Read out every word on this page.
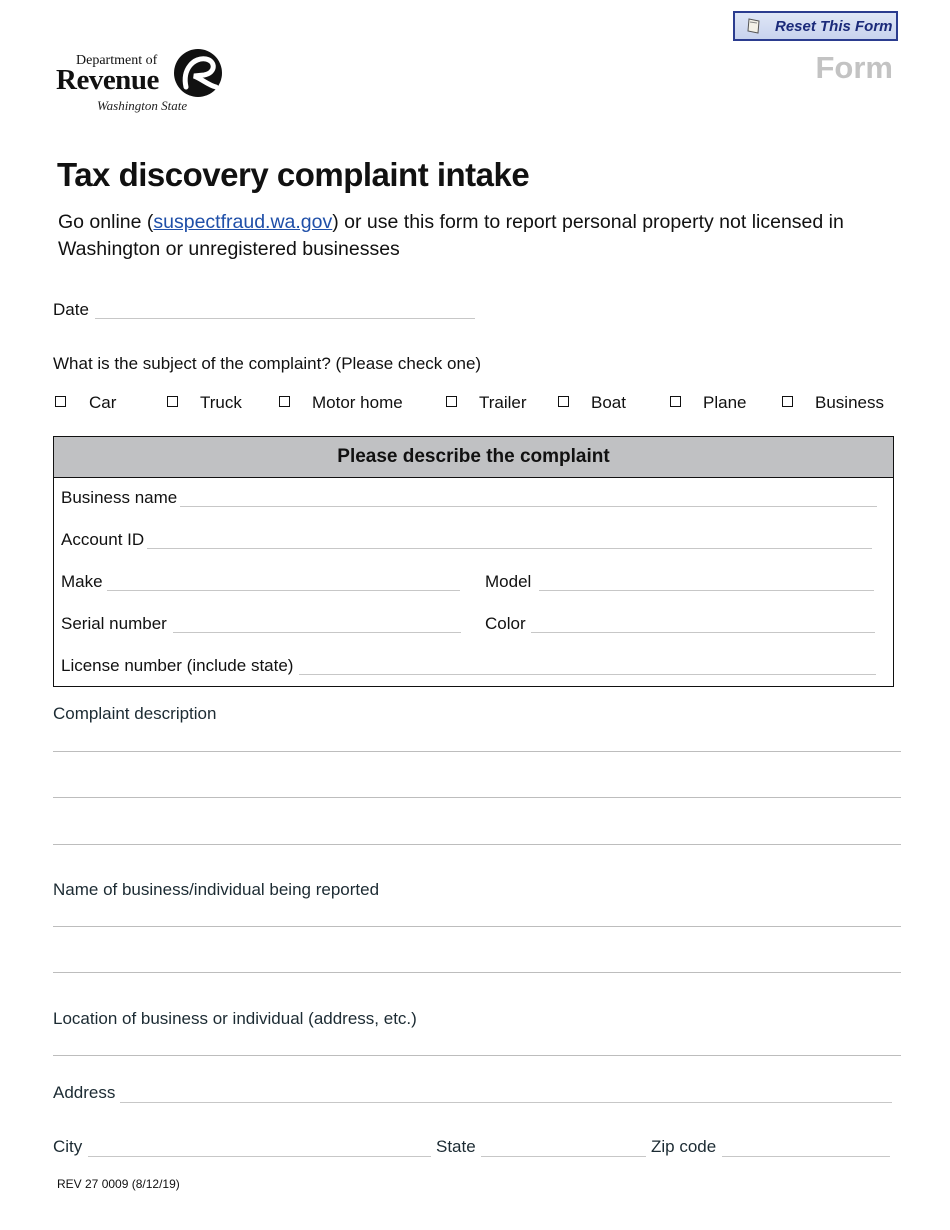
Reset This Form
Form
Department of
Revenue
Washington State
Tax discovery complaint intake
Go online (suspectfraud.wa.gov) or use this form to report personal property not licensed in Washington or unregistered businesses
Date
What is the subject of the complaint? (Please check one)
Car	Truck	Motor home	Trailer	Boat	Plane	Business
Please describe the complaint
Business name
Account ID
Make	Model
Serial number	Color
License number (include state)
Complaint description
Name of business/individual being reported
Location of business or individual (address, etc.)
Address
City	State	Zip code
REV 27 0009 (8/12/19)
